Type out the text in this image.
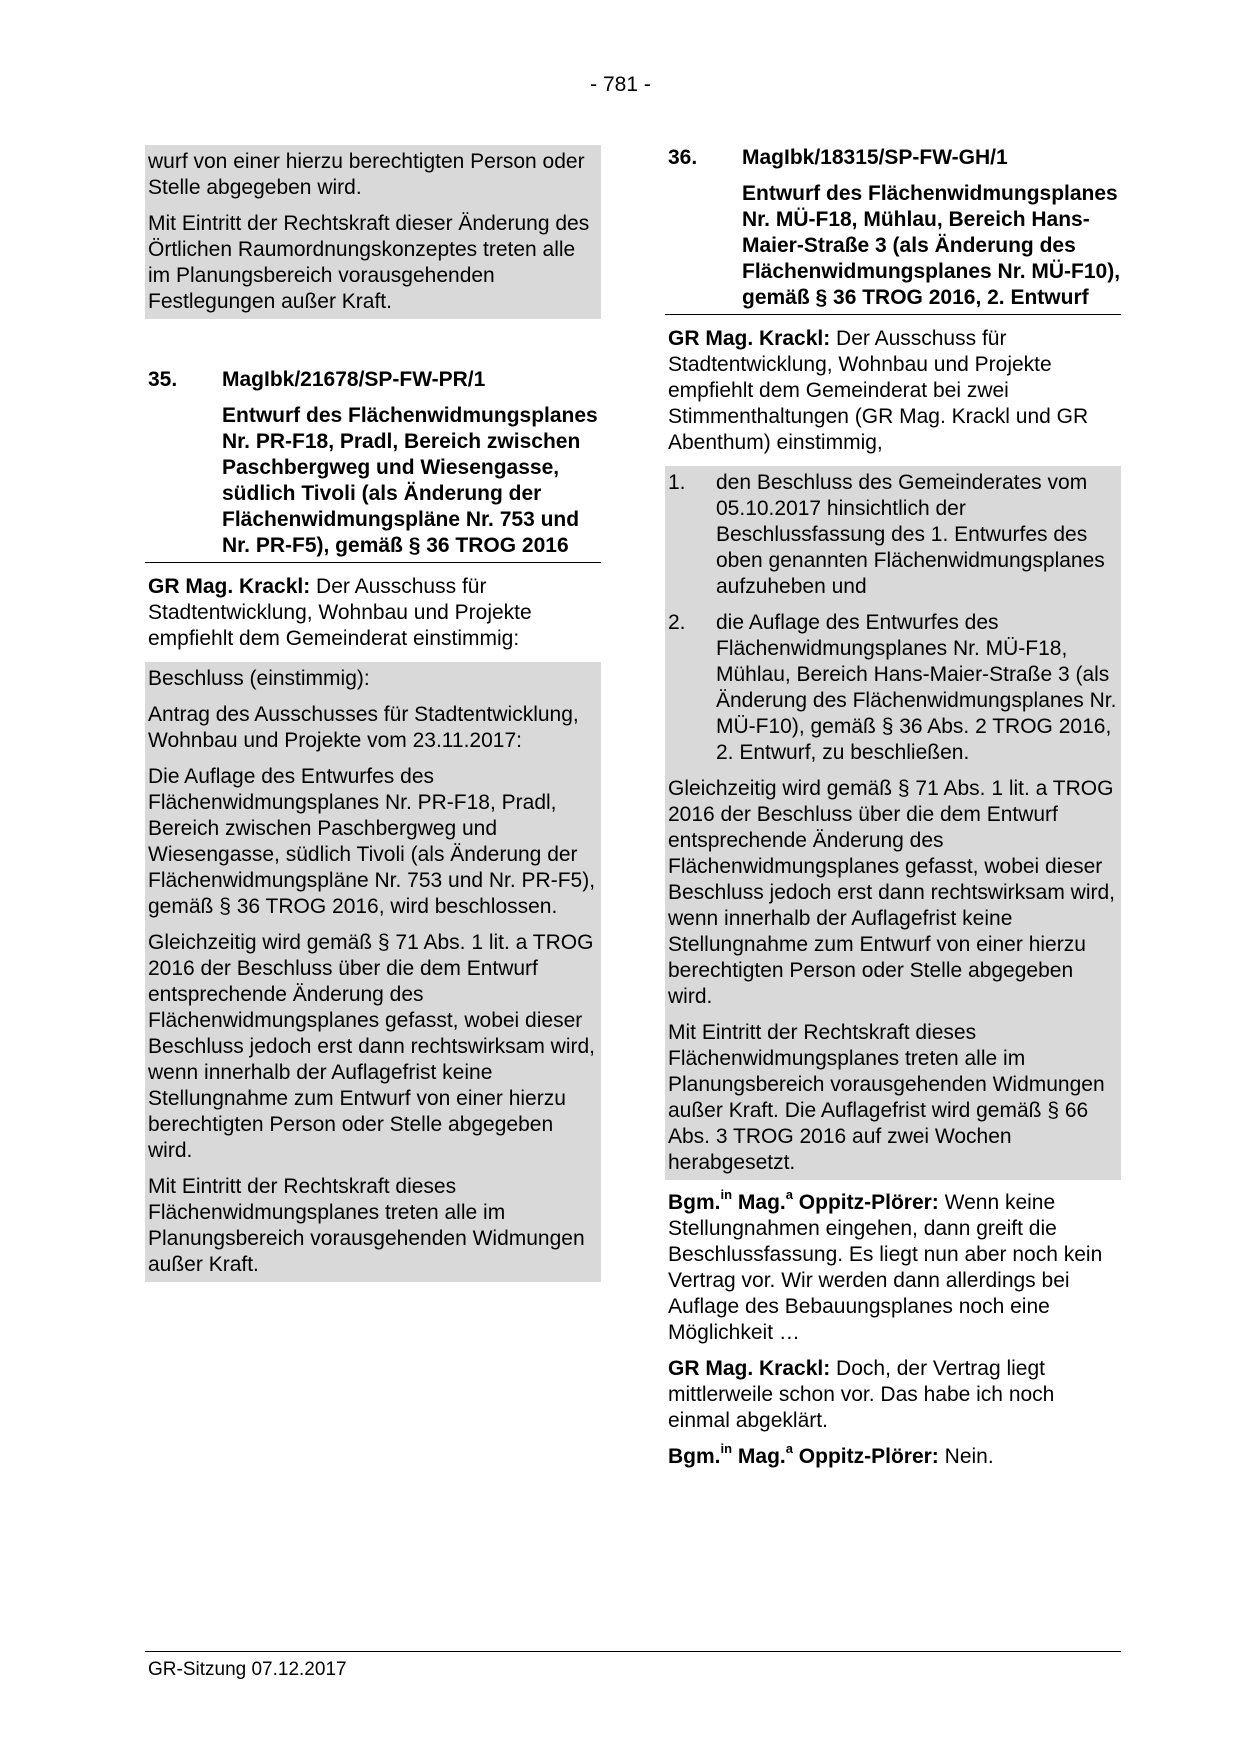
- 781 -

wurf von einer hierzu berechtigten Person oder Stelle abgegeben wird.

Mit Eintritt der Rechtskraft dieser Änderung des Örtlichen Raumordnungskonzeptes treten alle im Planungsbereich vorausgehenden Festlegungen außer Kraft.

35.	MagIbk/21678/SP-FW-PR/1
Entwurf des Flächenwidmungsplanes Nr. PR-F18, Pradl, Bereich zwischen Paschbergweg und Wiesengasse, südlich Tivoli (als Änderung der Flächenwidmungspläne Nr. 753 und Nr. PR-F5), gemäß § 36 TROG 2016

GR Mag. Krackl: Der Ausschuss für Stadtentwicklung, Wohnbau und Projekte empfiehlt dem Gemeinderat einstimmig:

Beschluss (einstimmig):

Antrag des Ausschusses für Stadtentwicklung, Wohnbau und Projekte vom 23.11.2017:

Die Auflage des Entwurfes des Flächenwidmungsplanes Nr. PR-F18, Pradl, Bereich zwischen Paschbergweg und Wiesengasse, südlich Tivoli (als Änderung der Flächenwidmungspläne Nr. 753 und Nr. PR-F5), gemäß § 36 TROG 2016, wird beschlossen.

Gleichzeitig wird gemäß § 71 Abs. 1 lit. a TROG 2016 der Beschluss über die dem Entwurf entsprechende Änderung des Flächenwidmungsplanes gefasst, wobei dieser Beschluss jedoch erst dann rechtswirksam wird, wenn innerhalb der Auflagefrist keine Stellungnahme zum Entwurf von einer hierzu berechtigten Person oder Stelle abgegeben wird.

Mit Eintritt der Rechtskraft dieses Flächenwidmungsplanes treten alle im Planungsbereich vorausgehenden Widmungen außer Kraft.

36.	MagIbk/18315/SP-FW-GH/1
Entwurf des Flächenwidmungsplanes Nr. MÜ-F18, Mühlau, Bereich Hans-Maier-Straße 3 (als Änderung des Flächenwidmungsplanes Nr. MÜ-F10), gemäß § 36 TROG 2016, 2. Entwurf

GR Mag. Krackl: Der Ausschuss für Stadtentwicklung, Wohnbau und Projekte empfiehlt dem Gemeinderat bei zwei Stimmenthaltungen (GR Mag. Krackl und GR Abenthum) einstimmig,

1.	den Beschluss des Gemeinderates vom 05.10.2017 hinsichtlich der Beschlussfassung des 1. Entwurfes des oben genannten Flächenwidmungsplanes aufzuheben und
2.	die Auflage des Entwurfes des Flächenwidmungsplanes Nr. MÜ-F18, Mühlau, Bereich Hans-Maier-Straße 3 (als Änderung des Flächenwidmungsplanes Nr. MÜ-F10), gemäß § 36 Abs. 2 TROG 2016, 2. Entwurf, zu beschließen.

Gleichzeitig wird gemäß § 71 Abs. 1 lit. a TROG 2016 der Beschluss über die dem Entwurf entsprechende Änderung des Flächenwidmungsplanes gefasst, wobei dieser Beschluss jedoch erst dann rechtswirksam wird, wenn innerhalb der Auflagefrist keine Stellungnahme zum Entwurf von einer hierzu berechtigten Person oder Stelle abgegeben wird.

Mit Eintritt der Rechtskraft dieses Flächenwidmungsplanes treten alle im Planungsbereich vorausgehenden Widmungen außer Kraft. Die Auflagefrist wird gemäß § 66 Abs. 3 TROG 2016 auf zwei Wochen herabgesetzt.

Bgm.$^{in}$ Mag.$^a$ Oppitz-Plörer: Wenn keine Stellungnahmen eingehen, dann greift die Beschlussfassung. Es liegt nun aber noch kein Vertrag vor. Wir werden dann allerdings bei Auflage des Bebauungsplanes noch eine Möglichkeit …

GR Mag. Krackl: Doch, der Vertrag liegt mittlerweile schon vor. Das habe ich noch einmal abgeklärt.

Bgm.$^{in}$ Mag.$^a$ Oppitz-Plörer: Nein.

GR-Sitzung 07.12.2017
